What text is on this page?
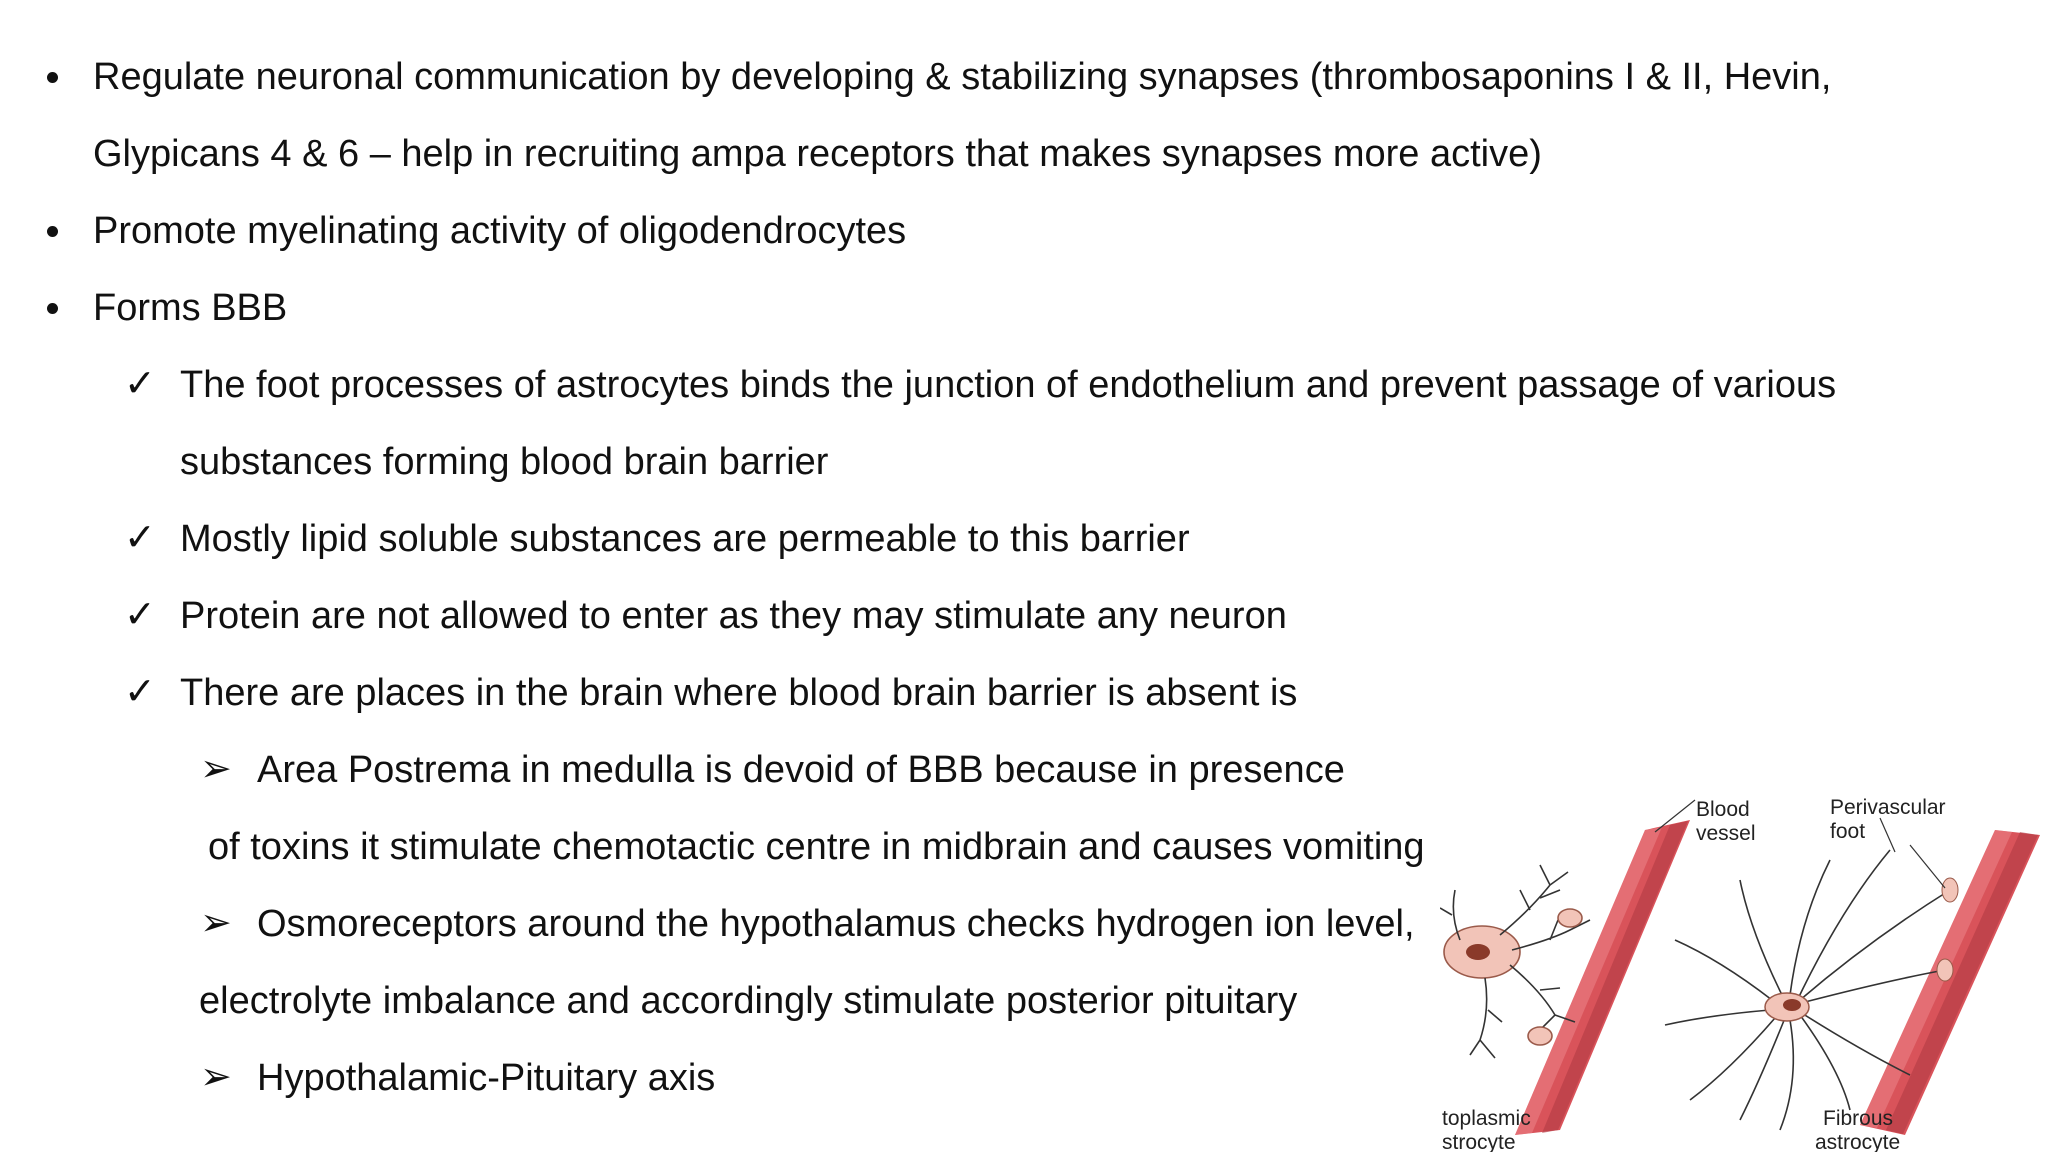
Regulate neuronal communication by developing & stabilizing synapses (thrombosaponins I & II, Hevin,
Glypicans 4 & 6 – help in recruiting ampa receptors that makes synapses more active)
Promote myelinating activity of oligodendrocytes
Forms BBB
✓ The foot processes of astrocytes binds the junction of endothelium and prevent passage of various
substances forming blood brain barrier
✓ Mostly lipid soluble substances are permeable to this barrier
✓ Protein are not allowed to enter as they may stimulate any neuron
✓ There are places in the brain where blood brain barrier is absent is
➢ Area Postrema in medulla is devoid of BBB because in presence
of toxins it stimulate chemotactic centre in midbrain and causes vomiting
➢ Osmoreceptors around the hypothalamus checks hydrogen ion level,
electrolyte imbalance and accordingly stimulate posterior pituitary
➢ Hypothalamic-Pituitary axis
Blood
vessel
Perivascular
foot
toplasmic
strocyte
Fibrous
astrocyte
